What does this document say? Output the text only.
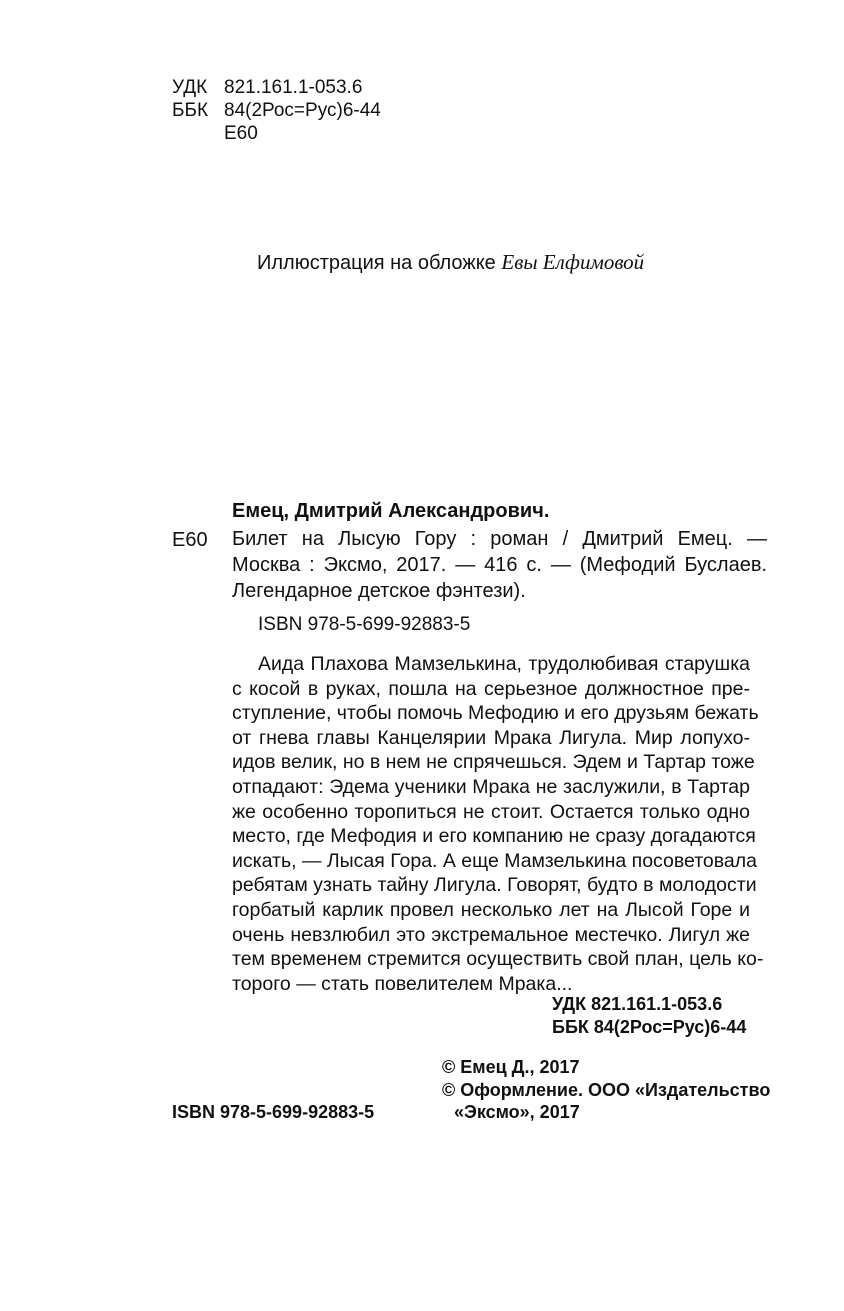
УДК 821.161.1-053.6
ББК 84(2Рос=Рус)6-44
Е60
Иллюстрация на обложке Евы Елфимовой
Емец, Дмитрий Александрович.
Е60 Билет на Лысую Гору : роман / Дмитрий Емец. —
Москва : Эксмо, 2017. — 416 с. — (Мефодий Буслаев.
Легендарное детское фэнтези).
ISBN 978-5-699-92883-5
Аида Плахова Мамзелькина, трудолюбивая старушка
с косой в руках, пошла на серьезное должностное пре-
ступление, чтобы помочь Мефодию и его друзьям бежать
от гнева главы Канцелярии Мрака Лигула. Мир лопухо-
идов велик, но в нем не спрячешься. Эдем и Тартар тоже
отпадают: Эдема ученики Мрака не заслужили, в Тартар
же особенно торопиться не стоит. Остается только одно
место, где Мефодия и его компанию не сразу догадаются
искать, — Лысая Гора. А еще Мамзелькина посоветовала
ребятам узнать тайну Лигула. Говорят, будто в молодости
горбатый карлик провел несколько лет на Лысой Горе и
очень невзлюбил это экстремальное местечко. Лигул же
тем временем стремится осуществить свой план, цель ко-
торого — стать повелителем Мрака...
УДК 821.161.1-053.6
ББК 84(2Рос=Рус)6-44
ISBN 978-5-699-92883-5
© Емец Д., 2017
© Оформление. ООО «Издательство
«Эксмо», 2017
